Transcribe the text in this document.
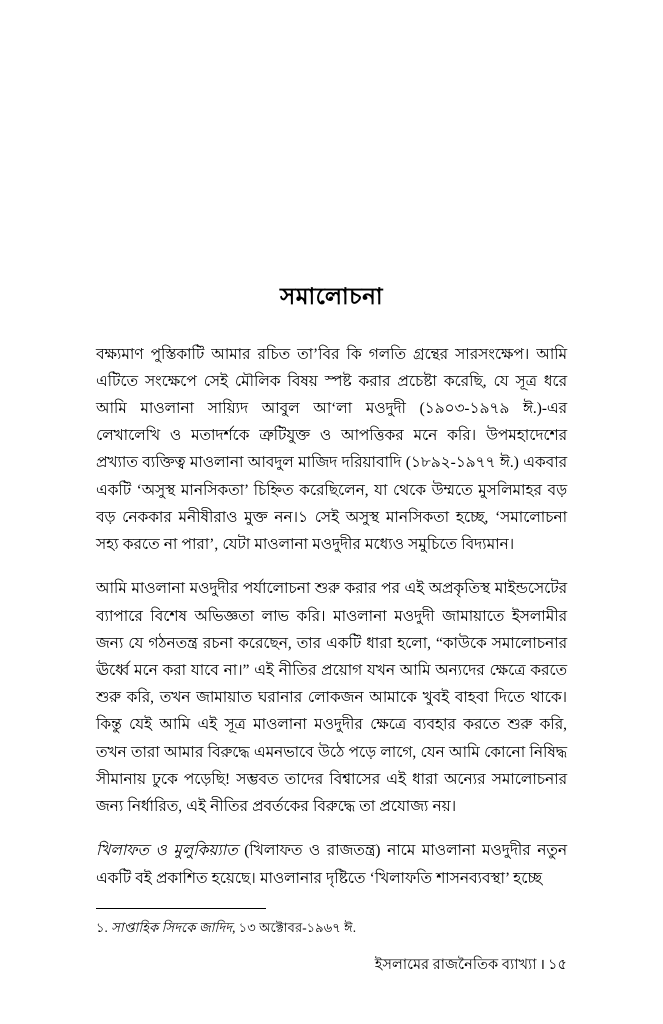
সমালোচনা

বক্ষ্যমাণ পুস্তিকাটি আমার রচিত তা’বির কি গলতি গ্রন্থের সারসংক্ষেপ। আমি এটিতে সংক্ষেপে সেই মৌলিক বিষয় স্পষ্ট করার প্রচেষ্টা করেছি, যে সূত্র ধরে আমি মাওলানা সায়্যিদ আবুল আ‘লা মওদুদী (১৯০৩-১৯৭৯ ঈ.)-এর লেখালেখি ও মতাদর্শকে ত্রুটিযুক্ত ও আপত্তিকর মনে করি। উপমহাদেশের প্রখ্যাত ব্যক্তিত্ব মাওলানা আবদুল মাজিদ দরিয়াবাদি (১৮৯২-১৯৭৭ ঈ.) একবার একটি ‘অসুস্থ মানসিকতা’ চিহ্নিত করেছিলেন, যা থেকে উম্মতে মুসলিমাহর বড় বড় নেককার মনীষীরাও মুক্ত নন।১ সেই অসুস্থ মানসিকতা হচ্ছে, ‘সমালোচনা সহ্য করতে না পারা’, যেটা মাওলানা মওদুদীর মধ্যেও সমুচিতে বিদ্যমান।

আমি মাওলানা মওদুদীর পর্যালোচনা শুরু করার পর এই অপ্রকৃতিস্থ মাইন্ডসেটের ব্যাপারে বিশেষ অভিজ্ঞতা লাভ করি। মাওলানা মওদুদী জামায়াতে ইসলামীর জন্য যে গঠনতন্ত্র রচনা করেছেন, তার একটি ধারা হলো, “কাউকে সমালোচনার ঊর্ধ্বে মনে করা যাবে না।” এই নীতির প্রয়োগ যখন আমি অন্যদের ক্ষেত্রে করতে শুরু করি, তখন জামায়াত ঘরানার লোকজন আমাকে খুবই বাহবা দিতে থাকে। কিন্তু যেই আমি এই সূত্র মাওলানা মওদুদীর ক্ষেত্রে ব্যবহার করতে শুরু করি, তখন তারা আমার বিরুদ্ধে এমনভাবে উঠে পড়ে লাগে, যেন আমি কোনো নিষিদ্ধ সীমানায় ঢুকে পড়েছি! সম্ভবত তাদের বিশ্বাসের এই ধারা অন্যের সমালোচনার জন্য নির্ধারিত, এই নীতির প্রবর্তকের বিরুদ্ধে তা প্রযোজ্য নয়।

খিলাফত ও মুলুকিয়্যাত (খিলাফত ও রাজতন্ত্র) নামে মাওলানা মওদুদীর নতুন একটি বই প্রকাশিত হয়েছে। মাওলানার দৃষ্টিতে ‘খিলাফতি শাসনব্যবস্থা’ হচ্ছে

১. সাপ্তাহিক সিদকে জাদিদ, ১৩ অক্টোবর-১৯৬৭ ঈ.

ইসলামের রাজনৈতিক ব্যাখ্যা । ১৫
